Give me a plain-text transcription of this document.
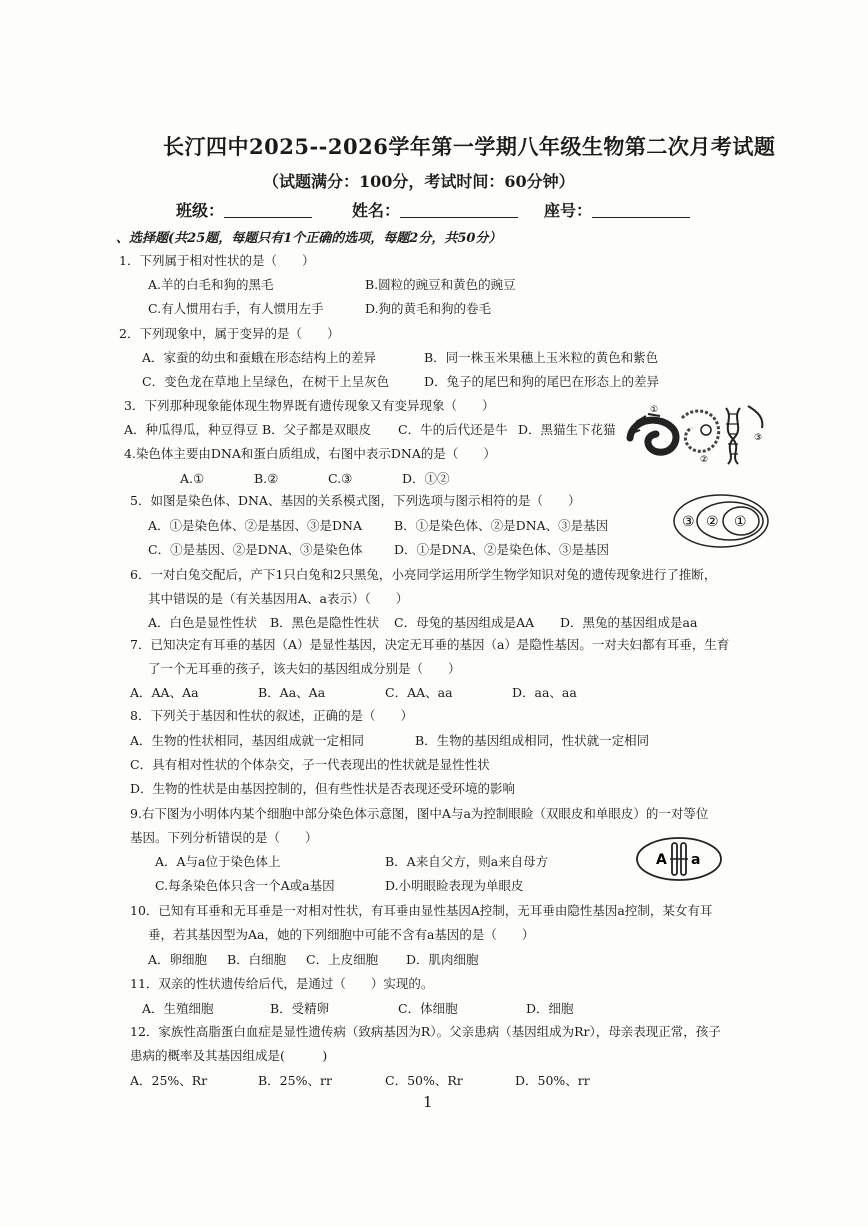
长汀四中2025--2026学年第一学期八年级生物第二次月考试题
（试题满分：100分，考试时间：60分钟）
班级：	姓名：	座号：
、选择题(共25题，每题只有1个正确的选项，每题2分，共50分）
1．下列属于相对性状的是（　　）
A.羊的白毛和狗的黑毛	B.圆粒的豌豆和黄色的豌豆
C.有人惯用右手，有人惯用左手	D.狗的黄毛和狗的卷毛
2．下列现象中，属于变异的是（　　）
A．家蚕的幼虫和蚕蛾在形态结构上的差异	B．同一株玉米果穗上玉米粒的黄色和紫色
C．变色龙在草地上呈绿色，在树干上呈灰色	D．兔子的尾巴和狗的尾巴在形态上的差异
3．下列那种现象能体现生物界既有遗传现象又有变异现象（　　）
A．种瓜得瓜，种豆得豆 B．父子都是双眼皮 C．牛的后代还是牛 D．黑猫生下花猫
①
②
③
4.染色体主要由DNA和蛋白质组成，右图中表示DNA的是（　　）
A.①	B.②	C.③	D．①②
5．如图是染色体、DNA、基因的关系模式图，下列选项与图示相符的是（　　）
A．①是染色体、②是基因、③是DNA	B．①是染色体、②是DNA、③是基因
C．①是基因、②是DNA、③是染色体	D．①是DNA、②是染色体、③是基因
③ ② ①
6．一对白兔交配后，产下1只白兔和2只黑兔，小亮同学运用所学生物学知识对兔的遗传现象进行了推断，
其中错误的是（有关基因用A、a表示）（　　）
A．白色是显性性状 B．黑色是隐性性状 C．母兔的基因组成是AA D．黑兔的基因组成是aa
7．已知决定有耳垂的基因（A）是显性基因，决定无耳垂的基因（a）是隐性基因。一对夫妇都有耳垂，生育
了一个无耳垂的孩子，该夫妇的基因组成分别是（　　）
A．AA、Aa	B．Aa、Aa	C．AA、aa	D．aa、aa
8．下列关于基因和性状的叙述，正确的是（　　）
A．生物的性状相同，基因组成就一定相同	B．生物的基因组成相同，性状就一定相同
C．具有相对性状的个体杂交，子一代表现出的性状就是显性性状
D．生物的性状是由基因控制的，但有些性状是否表现还受环境的影响
9.右下图为小明体内某个细胞中部分染色体示意图，图中A与a为控制眼睑（双眼皮和单眼皮）的一对等位
基因。下列分析错误的是（　　）
A．A与a位于染色体上	B．A来自父方，则a来自母方
C.每条染色体只含一个A或a基因	D.小明眼睑表现为单眼皮
A a
10．已知有耳垂和无耳垂是一对相对性状，有耳垂由显性基因A控制，无耳垂由隐性基因a控制，某女有耳
垂，若其基因型为Aa，她的下列细胞中可能不含有a基因的是（　　）
A．卵细胞 B．白细胞 C．上皮细胞 D．肌肉细胞
11．双亲的性状遗传给后代，是通过（　　）实现的。
A．生殖细胞	B．受精卵	C．体细胞	D．细胞
12．家族性高脂蛋白血症是显性遗传病（致病基因为R）。父亲患病（基因组成为Rr），母亲表现正常，孩子
患病的概率及其基因组成是(　　　)
A．25%、Rr	B．25%、rr	C．50%、Rr	D．50%、rr
1
